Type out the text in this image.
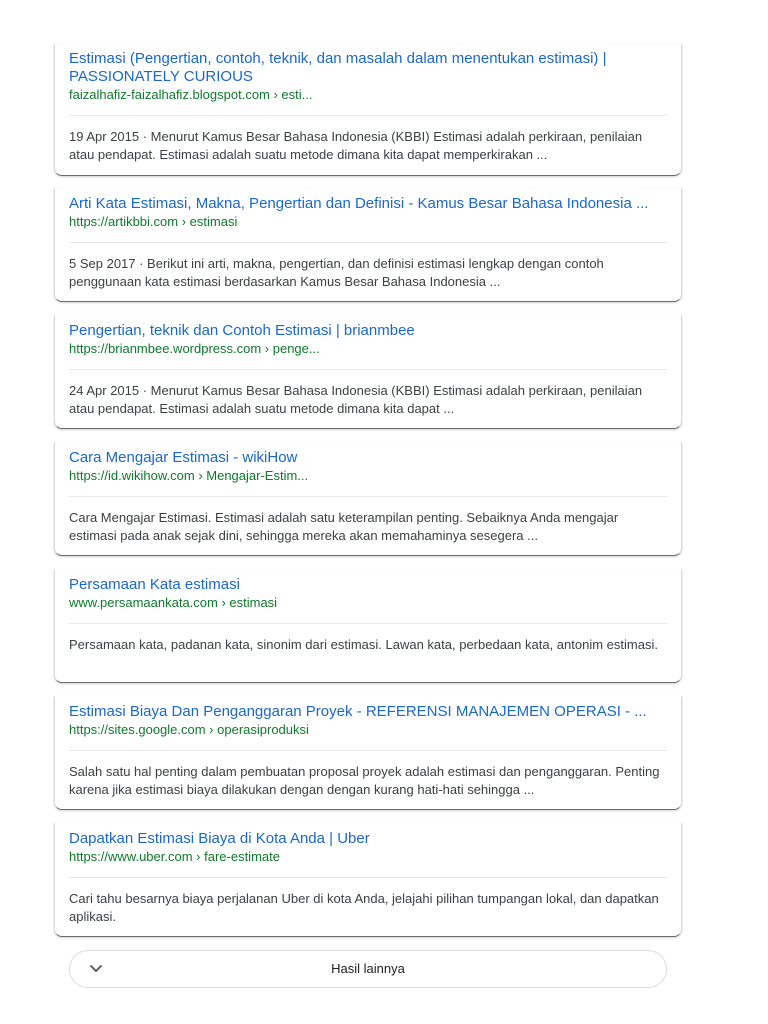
Estimasi (Pengertian, contoh, teknik, dan masalah dalam menentukan estimasi) | PASSIONATELY CURIOUS
faizalhafiz-faizalhafiz.blogspot.com › esti...
19 Apr 2015 · Menurut Kamus Besar Bahasa Indonesia (KBBI) Estimasi adalah perkiraan, penilaian atau pendapat. Estimasi adalah suatu metode dimana kita dapat memperkirakan ...
Arti Kata Estimasi, Makna, Pengertian dan Definisi - Kamus Besar Bahasa Indonesia ...
https://artikbbi.com › estimasi
5 Sep 2017 · Berikut ini arti, makna, pengertian, dan definisi estimasi lengkap dengan contoh penggunaan kata estimasi berdasarkan Kamus Besar Bahasa Indonesia ...
Pengertian, teknik dan Contoh Estimasi | brianmbee
https://brianmbee.wordpress.com › penge...
24 Apr 2015 · Menurut Kamus Besar Bahasa Indonesia (KBBI) Estimasi adalah perkiraan, penilaian atau pendapat. Estimasi adalah suatu metode dimana kita dapat ...
Cara Mengajar Estimasi - wikiHow
https://id.wikihow.com › Mengajar-Estim...
Cara Mengajar Estimasi. Estimasi adalah satu keterampilan penting. Sebaiknya Anda mengajar estimasi pada anak sejak dini, sehingga mereka akan memahaminya sesegera ...
Persamaan Kata estimasi
www.persamaankata.com › estimasi
Persamaan kata, padanan kata, sinonim dari estimasi. Lawan kata, perbedaan kata, antonim estimasi.
Estimasi Biaya Dan Penganggaran Proyek - REFERENSI MANAJEMEN OPERASI - ...
https://sites.google.com › operasiproduksi
Salah satu hal penting dalam pembuatan proposal proyek adalah estimasi dan penganggaran. Penting karena jika estimasi biaya dilakukan dengan dengan kurang hati-hati sehingga ...
Dapatkan Estimasi Biaya di Kota Anda | Uber
https://www.uber.com › fare-estimate
Cari tahu besarnya biaya perjalanan Uber di kota Anda, jelajahi pilihan tumpangan lokal, dan dapatkan aplikasi.
Hasil lainnya
